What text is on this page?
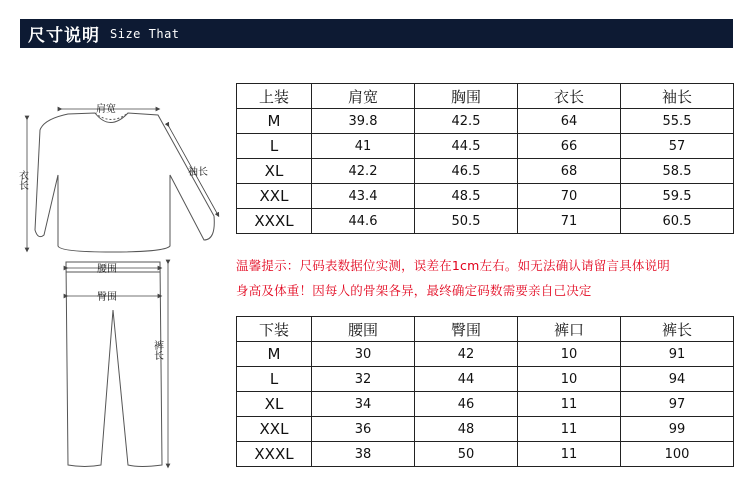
尺寸说明 Size That
肩宽
衣长	袖长
腰围
臀围
裤长
上装	肩宽	胸围	衣长	袖长
M	39.8	42.5	64	55.5
L	41	44.5	66	57
XL	42.2	46.5	68	58.5
XXL	43.4	48.5	70	59.5
XXXL	44.6	50.5	71	60.5
温馨提示：尺码表数据位实测，误差在1cm左右。如无法确认请留言具体说明
身高及体重！因每人的骨架各异，最终确定码数需要亲自己决定
下装	腰围	臀围	裤口	裤长
M	30	42	10	91
L	32	44	10	94
XL	34	46	11	97
XXL	36	48	11	99
XXXL	38	50	11	100
